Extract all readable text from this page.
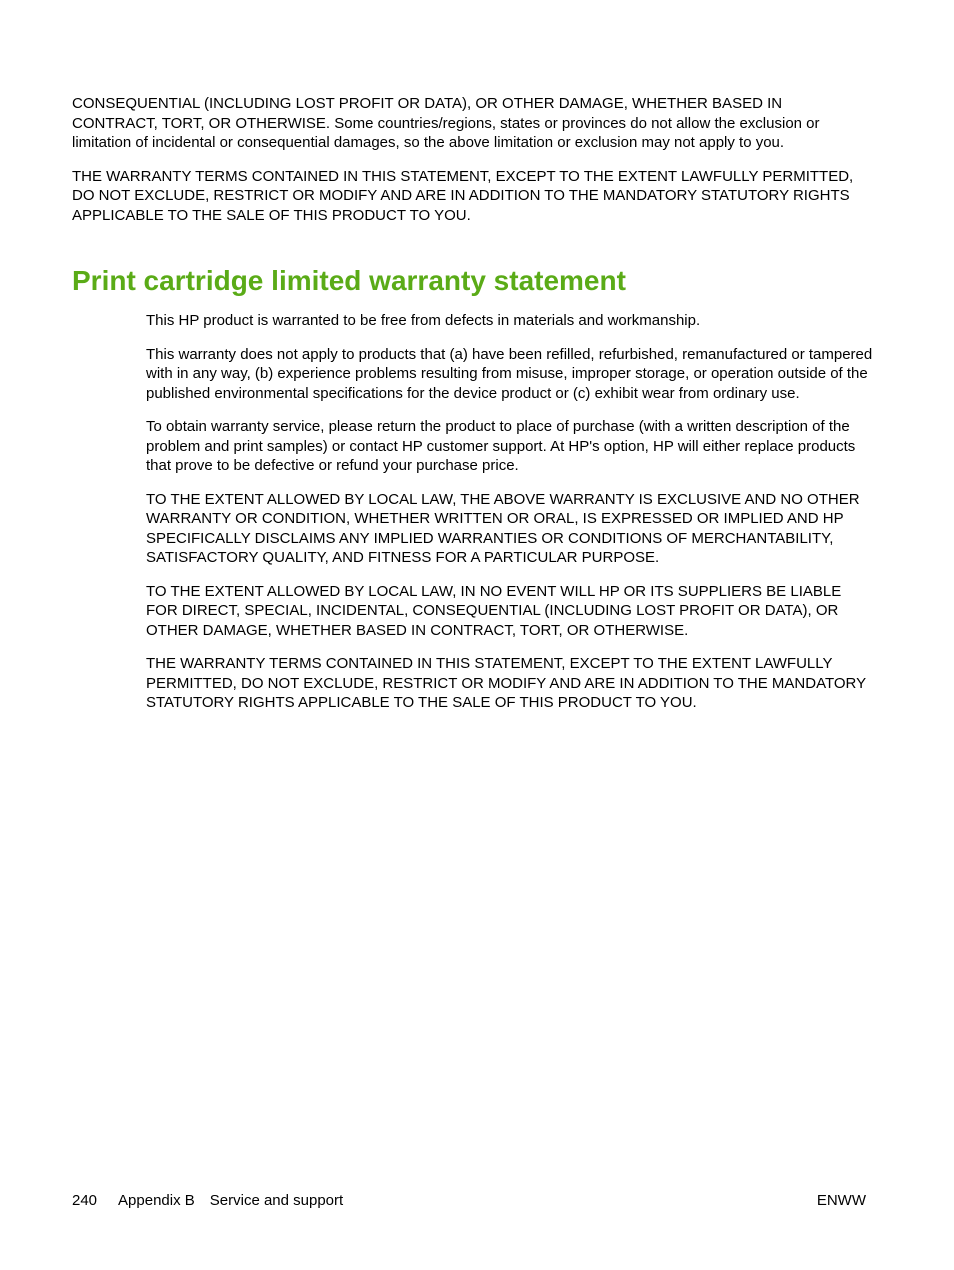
CONSEQUENTIAL (INCLUDING LOST PROFIT OR DATA), OR OTHER DAMAGE, WHETHER BASED IN CONTRACT, TORT, OR OTHERWISE. Some countries/regions, states or provinces do not allow the exclusion or limitation of incidental or consequential damages, so the above limitation or exclusion may not apply to you.

THE WARRANTY TERMS CONTAINED IN THIS STATEMENT, EXCEPT TO THE EXTENT LAWFULLY PERMITTED, DO NOT EXCLUDE, RESTRICT OR MODIFY AND ARE IN ADDITION TO THE MANDATORY STATUTORY RIGHTS APPLICABLE TO THE SALE OF THIS PRODUCT TO YOU.

Print cartridge limited warranty statement

This HP product is warranted to be free from defects in materials and workmanship.

This warranty does not apply to products that (a) have been refilled, refurbished, remanufactured or tampered with in any way, (b) experience problems resulting from misuse, improper storage, or operation outside of the published environmental specifications for the device product or (c) exhibit wear from ordinary use.

To obtain warranty service, please return the product to place of purchase (with a written description of the problem and print samples) or contact HP customer support. At HP's option, HP will either replace products that prove to be defective or refund your purchase price.

TO THE EXTENT ALLOWED BY LOCAL LAW, THE ABOVE WARRANTY IS EXCLUSIVE AND NO OTHER WARRANTY OR CONDITION, WHETHER WRITTEN OR ORAL, IS EXPRESSED OR IMPLIED AND HP SPECIFICALLY DISCLAIMS ANY IMPLIED WARRANTIES OR CONDITIONS OF MERCHANTABILITY, SATISFACTORY QUALITY, AND FITNESS FOR A PARTICULAR PURPOSE.

TO THE EXTENT ALLOWED BY LOCAL LAW, IN NO EVENT WILL HP OR ITS SUPPLIERS BE LIABLE FOR DIRECT, SPECIAL, INCIDENTAL, CONSEQUENTIAL (INCLUDING LOST PROFIT OR DATA), OR OTHER DAMAGE, WHETHER BASED IN CONTRACT, TORT, OR OTHERWISE.

THE WARRANTY TERMS CONTAINED IN THIS STATEMENT, EXCEPT TO THE EXTENT LAWFULLY PERMITTED, DO NOT EXCLUDE, RESTRICT OR MODIFY AND ARE IN ADDITION TO THE MANDATORY STATUTORY RIGHTS APPLICABLE TO THE SALE OF THIS PRODUCT TO YOU.

240 Appendix B Service and support	ENWW
